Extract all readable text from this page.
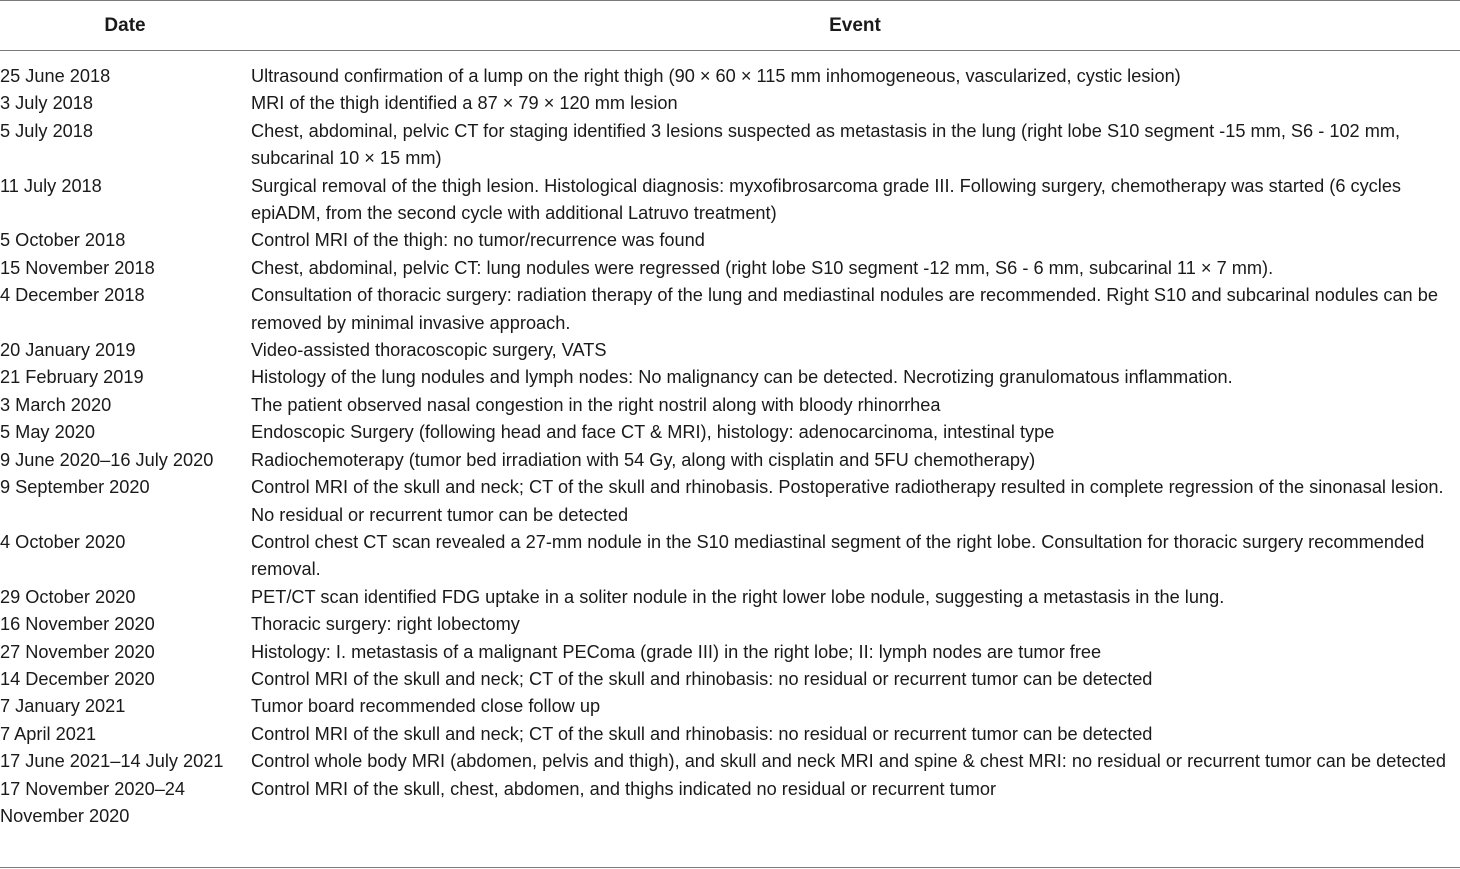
Date	Event

25 June 2018	Ultrasound confirmation of a lump on the right thigh (90 × 60 × 115 mm inhomogeneous, vascularized, cystic lesion)
3 July 2018	MRI of the thigh identified a 87 × 79 × 120 mm lesion
5 July 2018	Chest, abdominal, pelvic CT for staging identified 3 lesions suspected as metastasis in the lung (right lobe S10 segment -15 mm, S6 - 102 mm, subcarinal 10 × 15 mm)
11 July 2018	Surgical removal of the thigh lesion. Histological diagnosis: myxofibrosarcoma grade III. Following surgery, chemotherapy was started (6 cycles epiADM, from the second cycle with additional Latruvo treatment)
5 October 2018	Control MRI of the thigh: no tumor/recurrence was found
15 November 2018	Chest, abdominal, pelvic CT: lung nodules were regressed (right lobe S10 segment -12 mm, S6 - 6 mm, subcarinal 11 × 7 mm).
4 December 2018	Consultation of thoracic surgery: radiation therapy of the lung and mediastinal nodules are recommended. Right S10 and subcarinal nodules can be removed by minimal invasive approach.
20 January 2019	Video-assisted thoracoscopic surgery, VATS
21 February 2019	Histology of the lung nodules and lymph nodes: No malignancy can be detected. Necrotizing granulomatous inflammation.
3 March 2020	The patient observed nasal congestion in the right nostril along with bloody rhinorrhea
5 May 2020	Endoscopic Surgery (following head and face CT & MRI), histology: adenocarcinoma, intestinal type
9 June 2020–16 July 2020	Radiochemoterapy (tumor bed irradiation with 54 Gy, along with cisplatin and 5FU chemotherapy)
9 September 2020	Control MRI of the skull and neck; CT of the skull and rhinobasis. Postoperative radiotherapy resulted in complete regression of the sinonasal lesion. No residual or recurrent tumor can be detected
4 October 2020	Control chest CT scan revealed a 27-mm nodule in the S10 mediastinal segment of the right lobe. Consultation for thoracic surgery recommended removal.
29 October 2020	PET/CT scan identified FDG uptake in a soliter nodule in the right lower lobe nodule, suggesting a metastasis in the lung.
16 November 2020	Thoracic surgery: right lobectomy
27 November 2020	Histology: I. metastasis of a malignant PEComa (grade III) in the right lobe; II: lymph nodes are tumor free
14 December 2020	Control MRI of the skull and neck; CT of the skull and rhinobasis: no residual or recurrent tumor can be detected
7 January 2021	Tumor board recommended close follow up
7 April 2021	Control MRI of the skull and neck; CT of the skull and rhinobasis: no residual or recurrent tumor can be detected
17 June 2021–14 July 2021	Control whole body MRI (abdomen, pelvis and thigh), and skull and neck MRI and spine & chest MRI: no residual or recurrent tumor can be detected
17 November 2020–24 November 2020	Control MRI of the skull, chest, abdomen, and thighs indicated no residual or recurrent tumor
